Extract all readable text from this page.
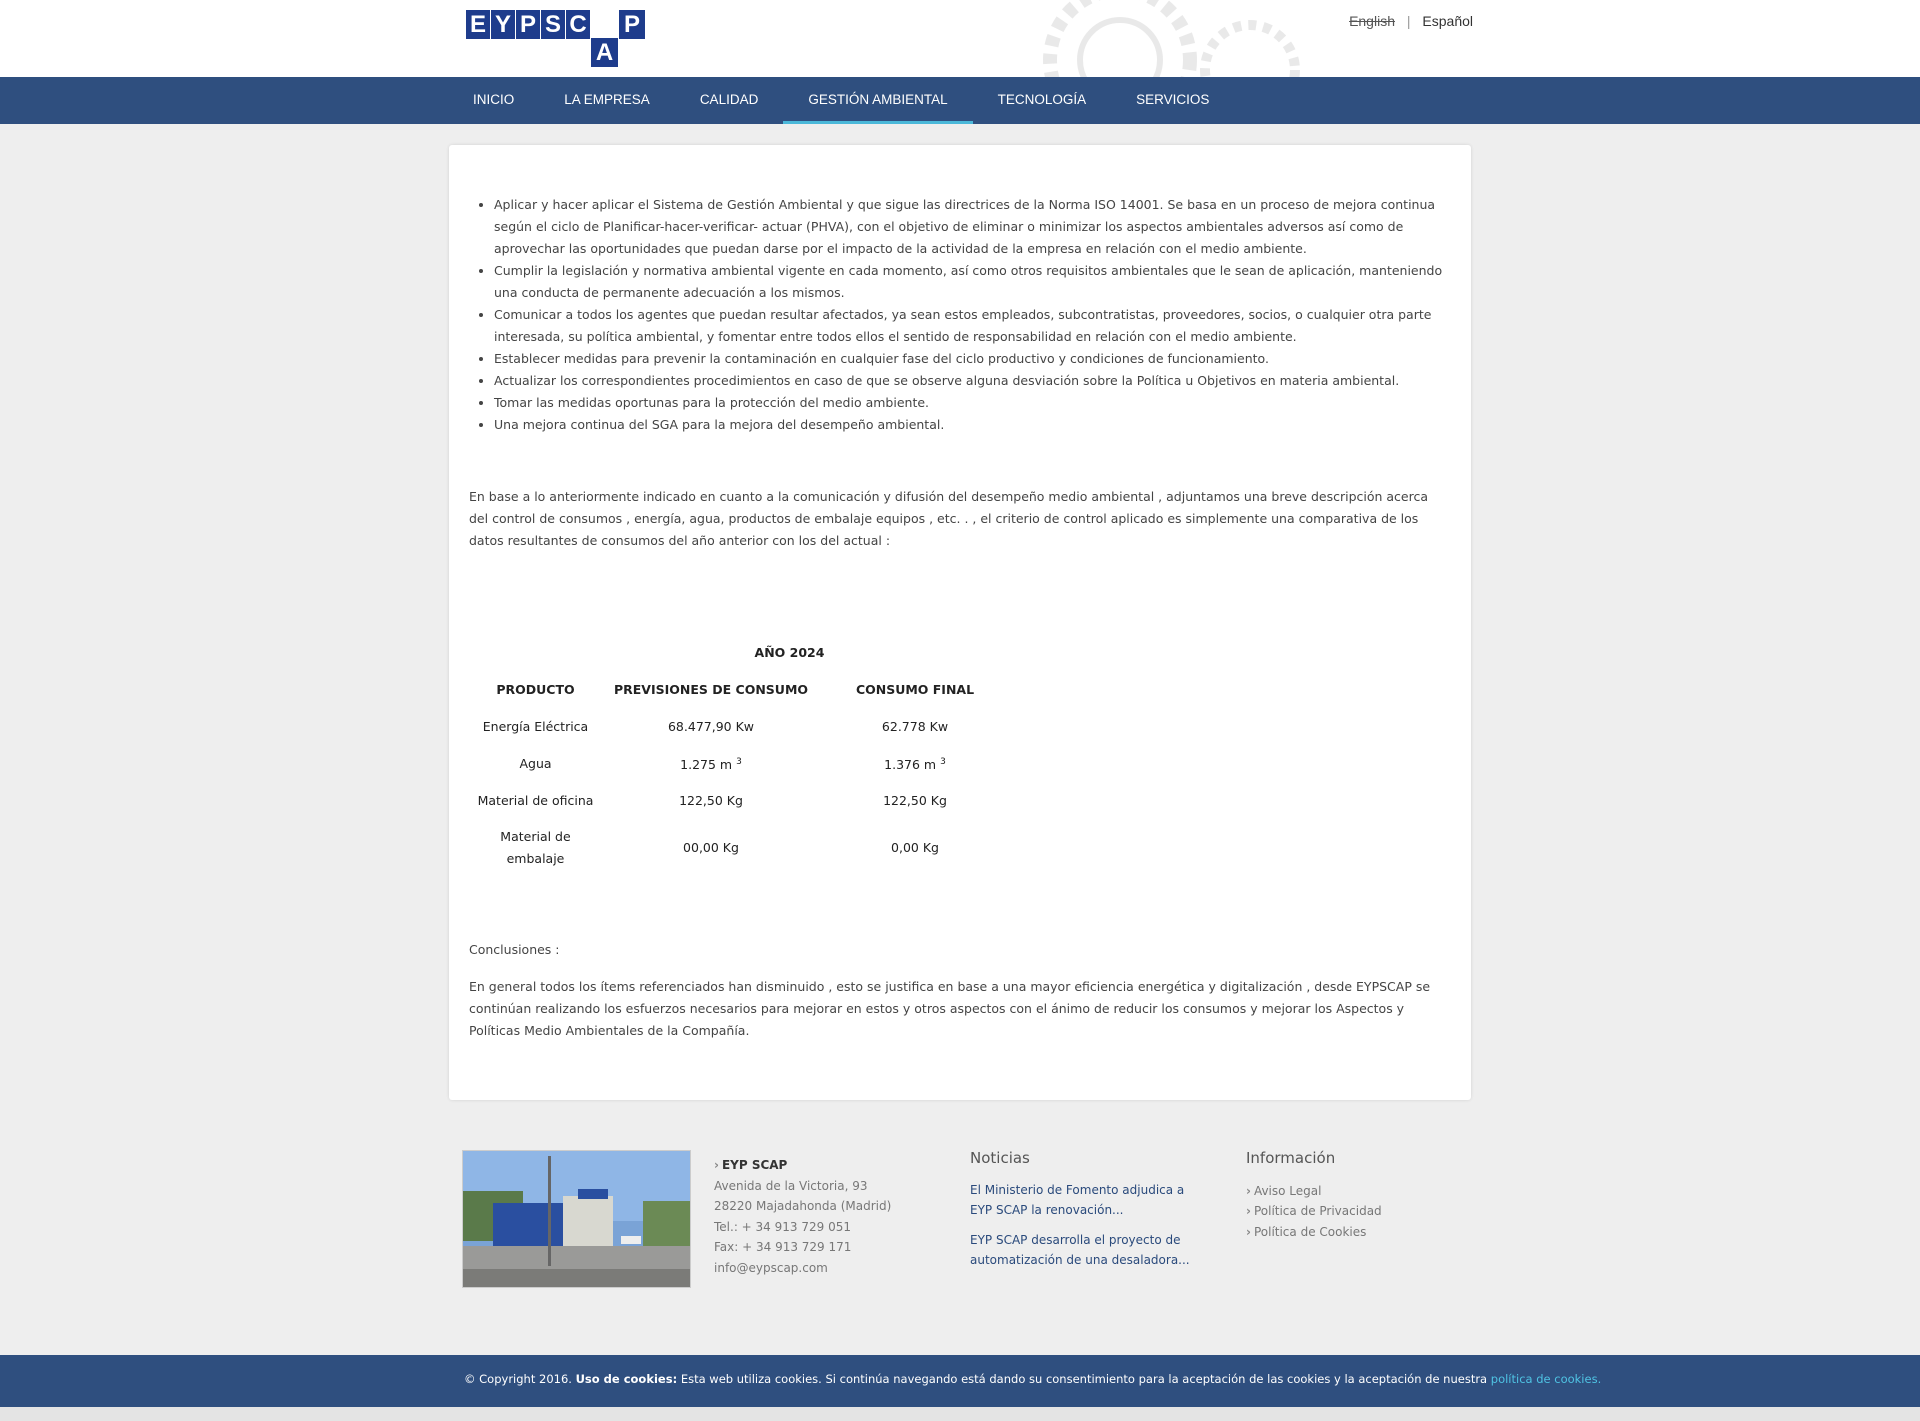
E Y P S C
A
P	English | Español
INICIO	LA EMPRESA	CALIDAD	GESTIÓN AMBIENTAL	TECNOLOGÍA	SERVICIOS
• Aplicar y hacer aplicar el Sistema de Gestión Ambiental y que sigue las directrices de la Norma ISO 14001. Se basa en un proceso de mejora continua según el ciclo de Planificar-hacer-verificar- actuar (PHVA), con el objetivo de eliminar o minimizar los aspectos ambientales adversos así como de aprovechar las oportunidades que puedan darse por el impacto de la actividad de la empresa en relación con el medio ambiente.
• Cumplir la legislación y normativa ambiental vigente en cada momento, así como otros requisitos ambientales que le sean de aplicación, manteniendo una conducta de permanente adecuación a los mismos.
• Comunicar a todos los agentes que puedan resultar afectados, ya sean estos empleados, subcontratistas, proveedores, socios, o cualquier otra parte interesada, su política ambiental, y fomentar entre todos ellos el sentido de responsabilidad en relación con el medio ambiente.
• Establecer medidas para prevenir la contaminación en cualquier fase del ciclo productivo y condiciones de funcionamiento.
• Actualizar los correspondientes procedimientos en caso de que se observe alguna desviación sobre la Política u Objetivos en materia ambiental.
• Tomar las medidas oportunas para la protección del medio ambiente.
• Una mejora continua del SGA para la mejora del desempeño ambiental.

En base a lo anteriormente indicado en cuanto a la comunicación y difusión del desempeño medio ambiental , adjuntamos una breve descripción acerca del control de consumos , energía, agua, productos de embalaje equipos , etc. . , el criterio de control aplicado es simplemente una comparativa de los datos resultantes de consumos del año anterior con los del actual :

AÑO 2024		
PRODUCTO	PREVISIONES DE CONSUMO	CONSUMO FINAL
Energía Eléctrica	68.477,90 Kw	62.778 Kw
Agua	1.275 m $^3$	1.376 m $^3$
Material de oficina	122,50 Kg	122,50 Kg

Material de embalaje	00,00 Kg	0,00 Kg

Conclusiones :

En general todos los ítems referenciados han disminuido , esto se justifica en base a una mayor eficiencia energética y digitalización , desde EYPSCAP se continúan realizando los esfuerzos necesarios para mejorar en estos y otros aspectos con el ánimo de reducir los consumos y mejorar los Aspectos y Políticas Medio Ambientales de la Compañía.

› EYP SCAP
Avenida de la Victoria, 93
28220 Majadahonda (Madrid)
Tel.: + 34 913 729 051
Fax: + 34 913 729 171
info@eypscap.com
Noticias
El Ministerio de Fomento adjudica a EYP SCAP la renovación...
EYP SCAP desarrolla el proyecto de automatización de una desaladora...
Información
› Aviso Legal
› Política de Privacidad
› Política de Cookies
© Copyright 2016. Uso de cookies: Esta web utiliza cookies. Si continúa navegando está dando su consentimiento para la aceptación de las cookies y la aceptación de nuestra política de cookies.
